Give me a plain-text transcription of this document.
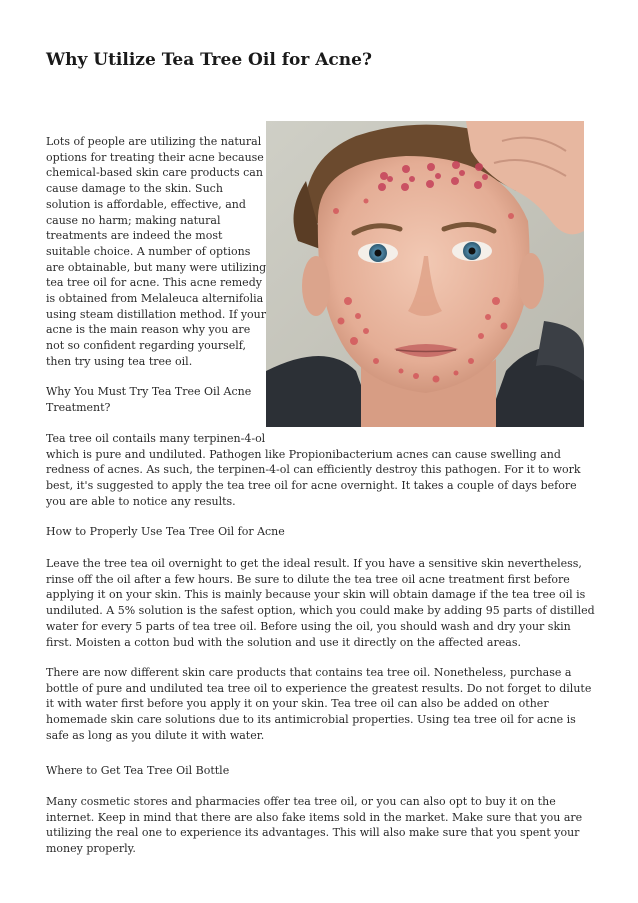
Why Utilize Tea Tree Oil for Acne?

Lots of people are utilizing the natural options for treating their acne because chemical-based skin care products can cause damage to the skin. Such solution is affordable, effective, and cause no harm; making natural treatments are indeed the most suitable choice. A number of options are obtainable, but many were utilizing tea tree oil for acne. This acne remedy is obtained from Melaleuca alternifolia using steam distillation method. If your acne is the main reason why you are not so confident regarding yourself, then try using tea tree oil.

Why You Must Try Tea Tree Oil Acne Treatment?

Tea tree oil contails many terpinen-4-ol

which is pure and undiluted. Pathogen like Propionibacterium acnes can cause swelling and redness of acnes. As such, the terpinen-4-ol can efficiently destroy this pathogen. For it to work best, it's suggested to apply the tea tree oil for acne overnight. It takes a couple of days before you are able to notice any results.

How to Properly Use Tea Tree Oil for Acne

Leave the tree tea oil overnight to get the ideal result. If you have a sensitive skin nevertheless, rinse off the oil after a few hours. Be sure to dilute the tea tree oil acne treatment first before applying it on your skin. This is mainly because your skin will obtain damage if the tea tree oil is undiluted. A 5% solution is the safest option, which you could make by adding 95 parts of distilled water for every 5 parts of tea tree oil. Before using the oil, you should wash and dry your skin first. Moisten a cotton bud with the solution and use it directly on the affected areas.

There are now different skin care products that contains tea tree oil. Nonetheless, purchase a bottle of pure and undiluted tea tree oil to experience the greatest results. Do not forget to dilute it with water first before you apply it on your skin. Tea tree oil can also be added on other homemade skin care solutions due to its antimicrobial properties. Using tea tree oil for acne is safe as long as you dilute it with water.

Where to Get Tea Tree Oil Bottle

Many cosmetic stores and pharmacies offer tea tree oil, or you can also opt to buy it on the internet. Keep in mind that there are also fake items sold in the market. Make sure that you are utilizing the real one to experience its advantages. This will also make sure that you spent your money properly.
